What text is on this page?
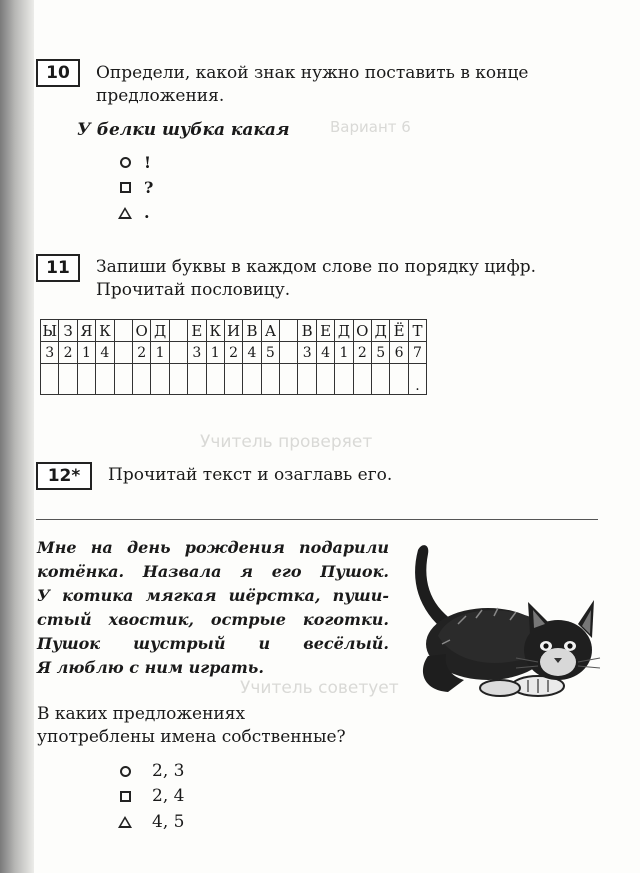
Вариант 6
Учитель проверяет
Учитель советует
10 Определи, какой знак нужно поставить в конце
предложения.
У белки шубка какая
!
?
.
11 Запиши буквы в каждом слове по порядку цифр.
Прочитай пословицу.
Ы	З	Я	К		О	Д		Е	К	И	В	А		В	Е	Д	О	Д	Ё	Т
3	2	1	4		2	1		3	1	2	4	5		3	4	1	2	5	6	7
																				.
12* Прочитай текст и озаглавь его.
Мне на день рождения подарили
котёнка. Назвала я его Пушок.
У котика мягкая шёрстка, пуши-
стый хвостик, острые коготки.
Пушок шустрый и весёлый.
Я люблю с ним играть.
В каких предложениях
употреблены имена собственные?
2, 3
2, 4
4, 5
